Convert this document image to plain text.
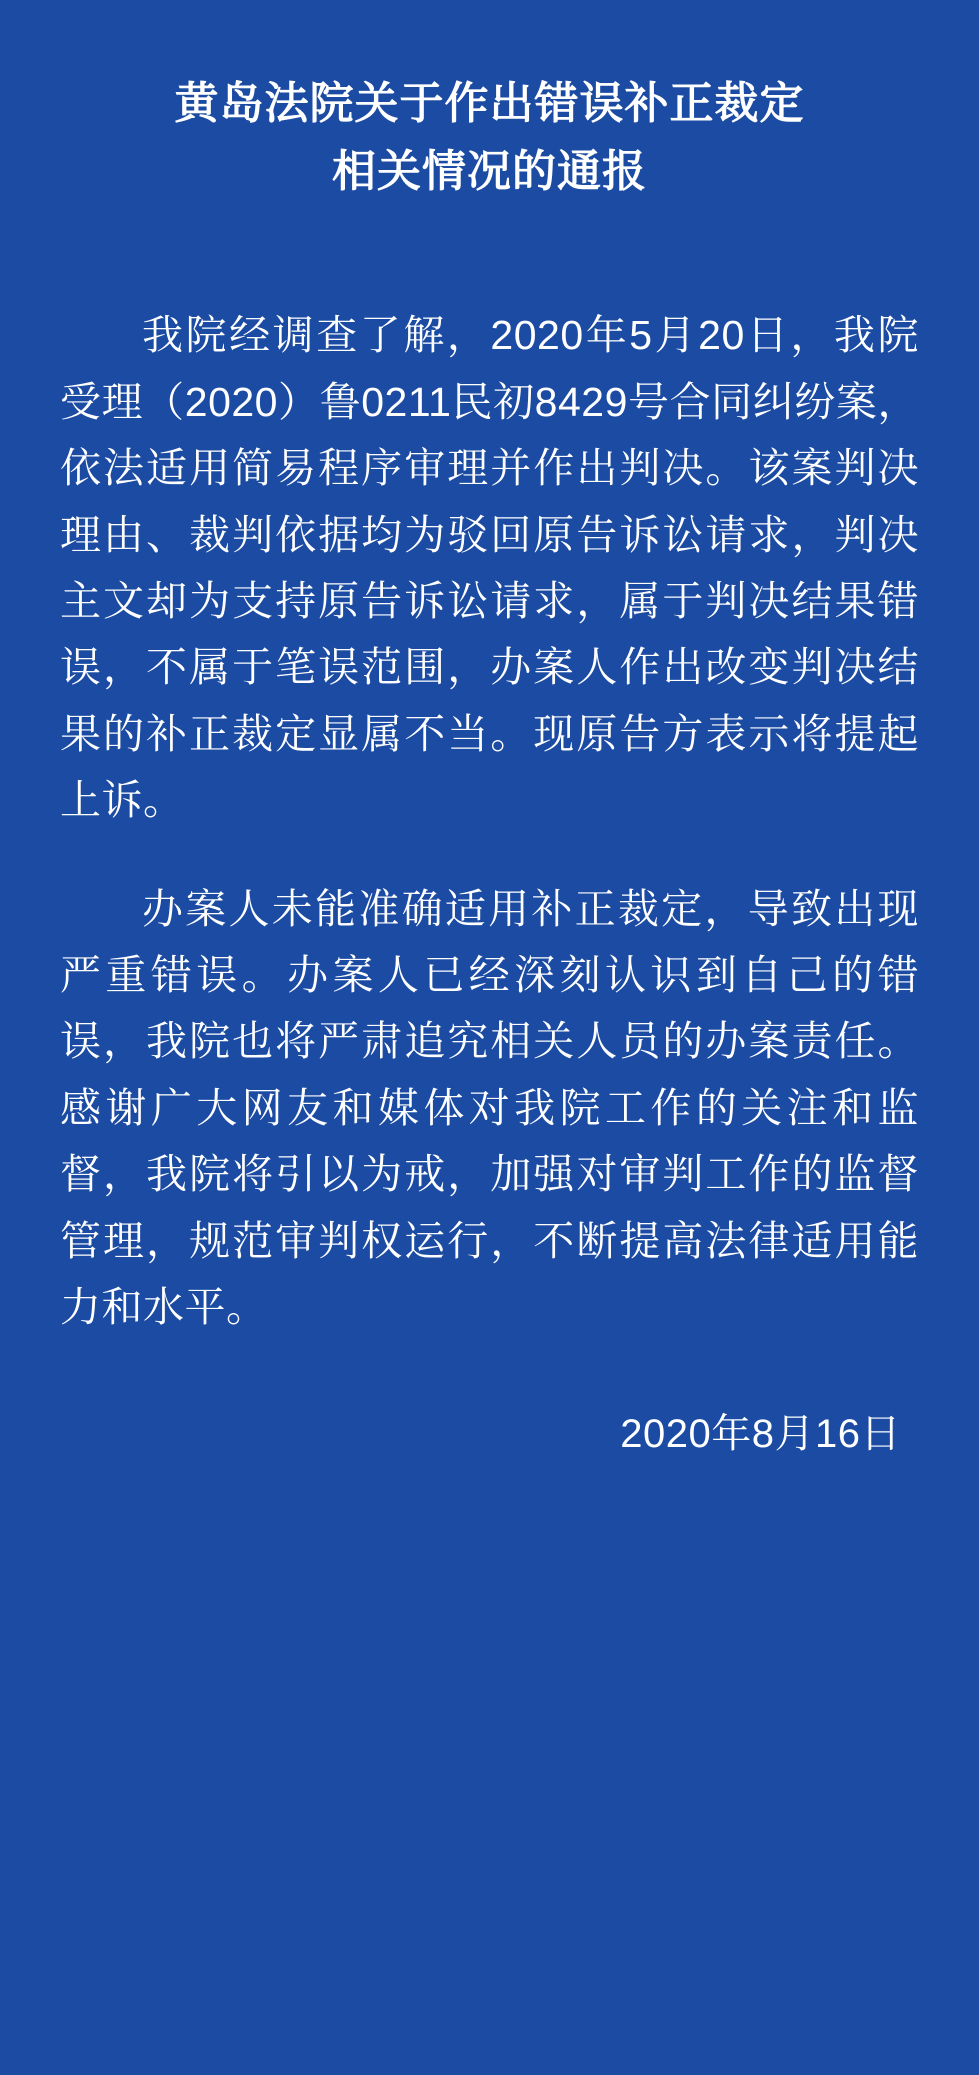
黄岛法院关于作出错误补正裁定
相关情况的通报

我院经调查了解，2020年5月20日，我院受理（2020）鲁0211民初8429号合同纠纷案，依法适用简易程序审理并作出判决。该案判决理由、裁判依据均为驳回原告诉讼请求，判决主文却为支持原告诉讼请求，属于判决结果错误，不属于笔误范围，办案人作出改变判决结果的补正裁定显属不当。现原告方表示将提起上诉。

办案人未能准确适用补正裁定，导致出现严重错误。办案人已经深刻认识到自己的错误，我院也将严肃追究相关人员的办案责任。感谢广大网友和媒体对我院工作的关注和监督，我院将引以为戒，加强对审判工作的监督管理，规范审判权运行，不断提高法律适用能力和水平。

2020年8月16日
